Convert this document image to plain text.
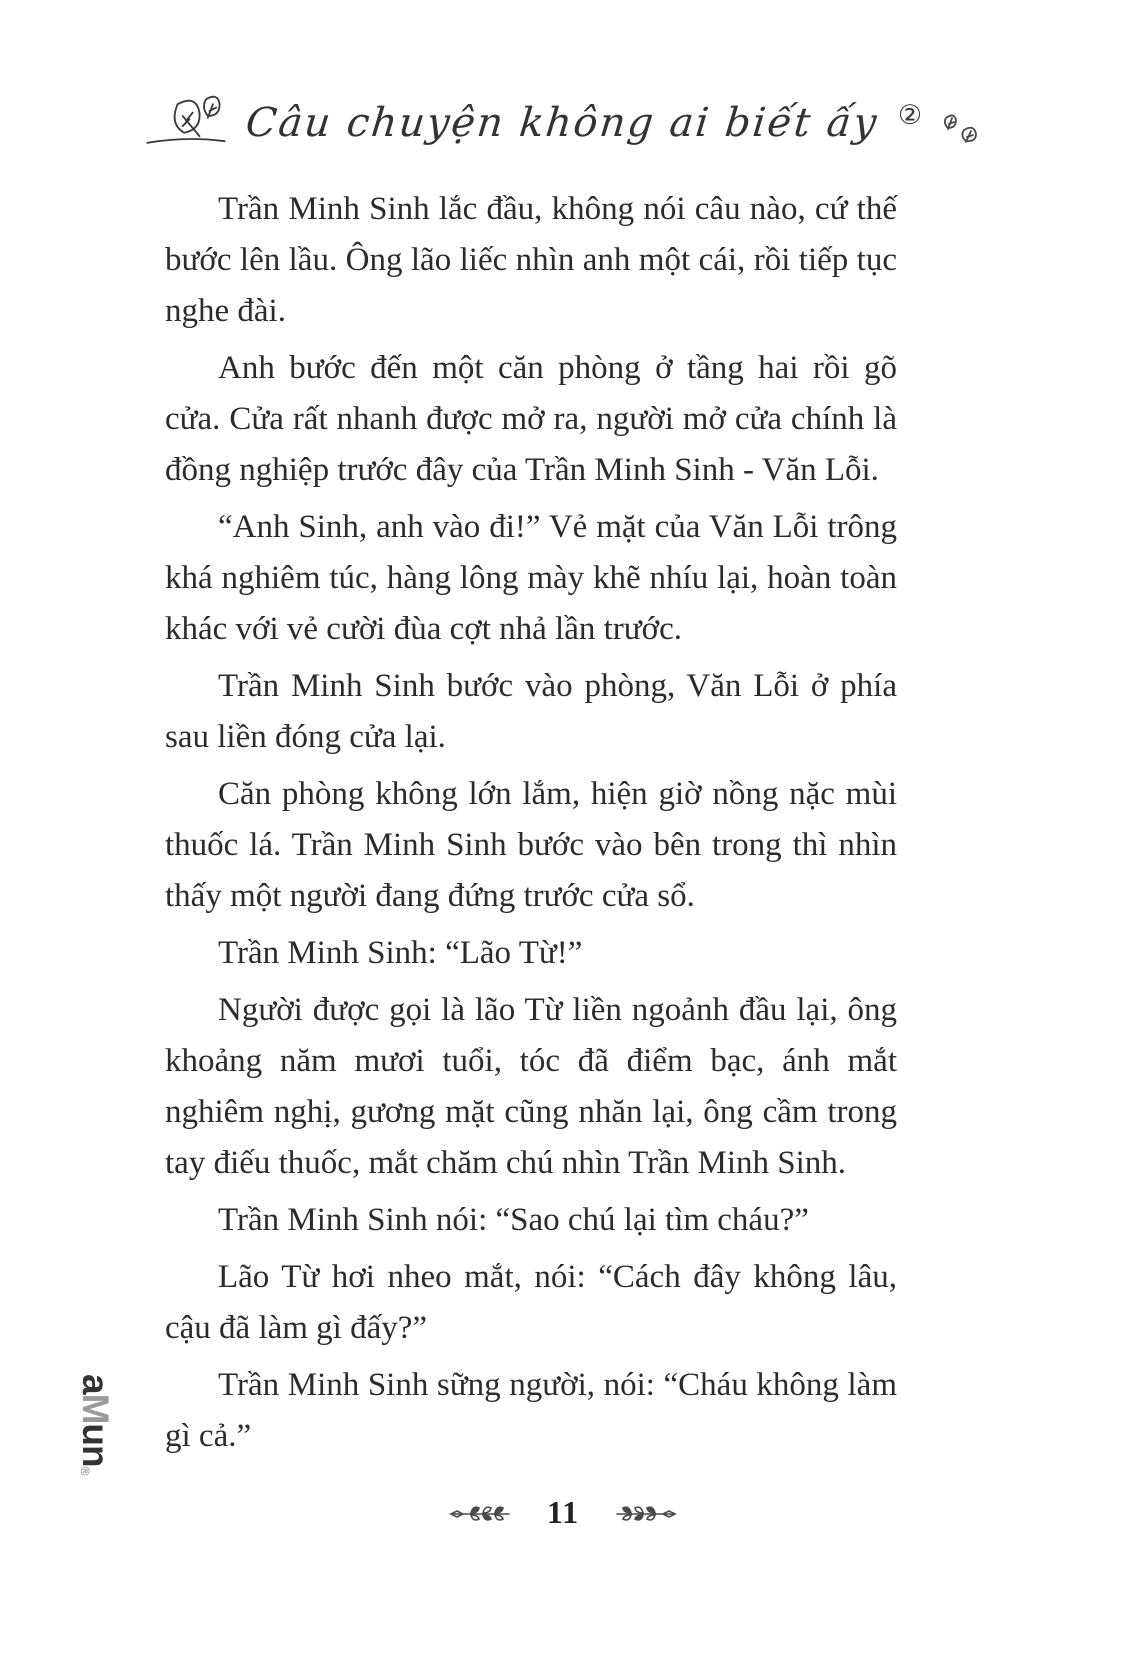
Câu chuyện không ai biết ấy ②

Trần Minh Sinh lắc đầu, không nói câu nào, cứ thế bước lên lầu. Ông lão liếc nhìn anh một cái, rồi tiếp tục nghe đài.

Anh bước đến một căn phòng ở tầng hai rồi gõ cửa. Cửa rất nhanh được mở ra, người mở cửa chính là đồng nghiệp trước đây của Trần Minh Sinh - Văn Lỗi.

“Anh Sinh, anh vào đi!” Vẻ mặt của Văn Lỗi trông khá nghiêm túc, hàng lông mày khẽ nhíu lại, hoàn toàn khác với vẻ cười đùa cợt nhả lần trước.

Trần Minh Sinh bước vào phòng, Văn Lỗi ở phía sau liền đóng cửa lại.

Căn phòng không lớn lắm, hiện giờ nồng nặc mùi thuốc lá. Trần Minh Sinh bước vào bên trong thì nhìn thấy một người đang đứng trước cửa sổ.

Trần Minh Sinh: “Lão Từ!”

Người được gọi là lão Từ liền ngoảnh đầu lại, ông khoảng năm mươi tuổi, tóc đã điểm bạc, ánh mắt nghiêm nghị, gương mặt cũng nhăn lại, ông cầm trong tay điếu thuốc, mắt chăm chú nhìn Trần Minh Sinh.

Trần Minh Sinh nói: “Sao chú lại tìm cháu?”

Lão Từ hơi nheo mắt, nói: “Cách đây không lâu, cậu đã làm gì đấy?”

Trần Minh Sinh sững người, nói: “Cháu không làm gì cả.”

a
M
un
®
11
